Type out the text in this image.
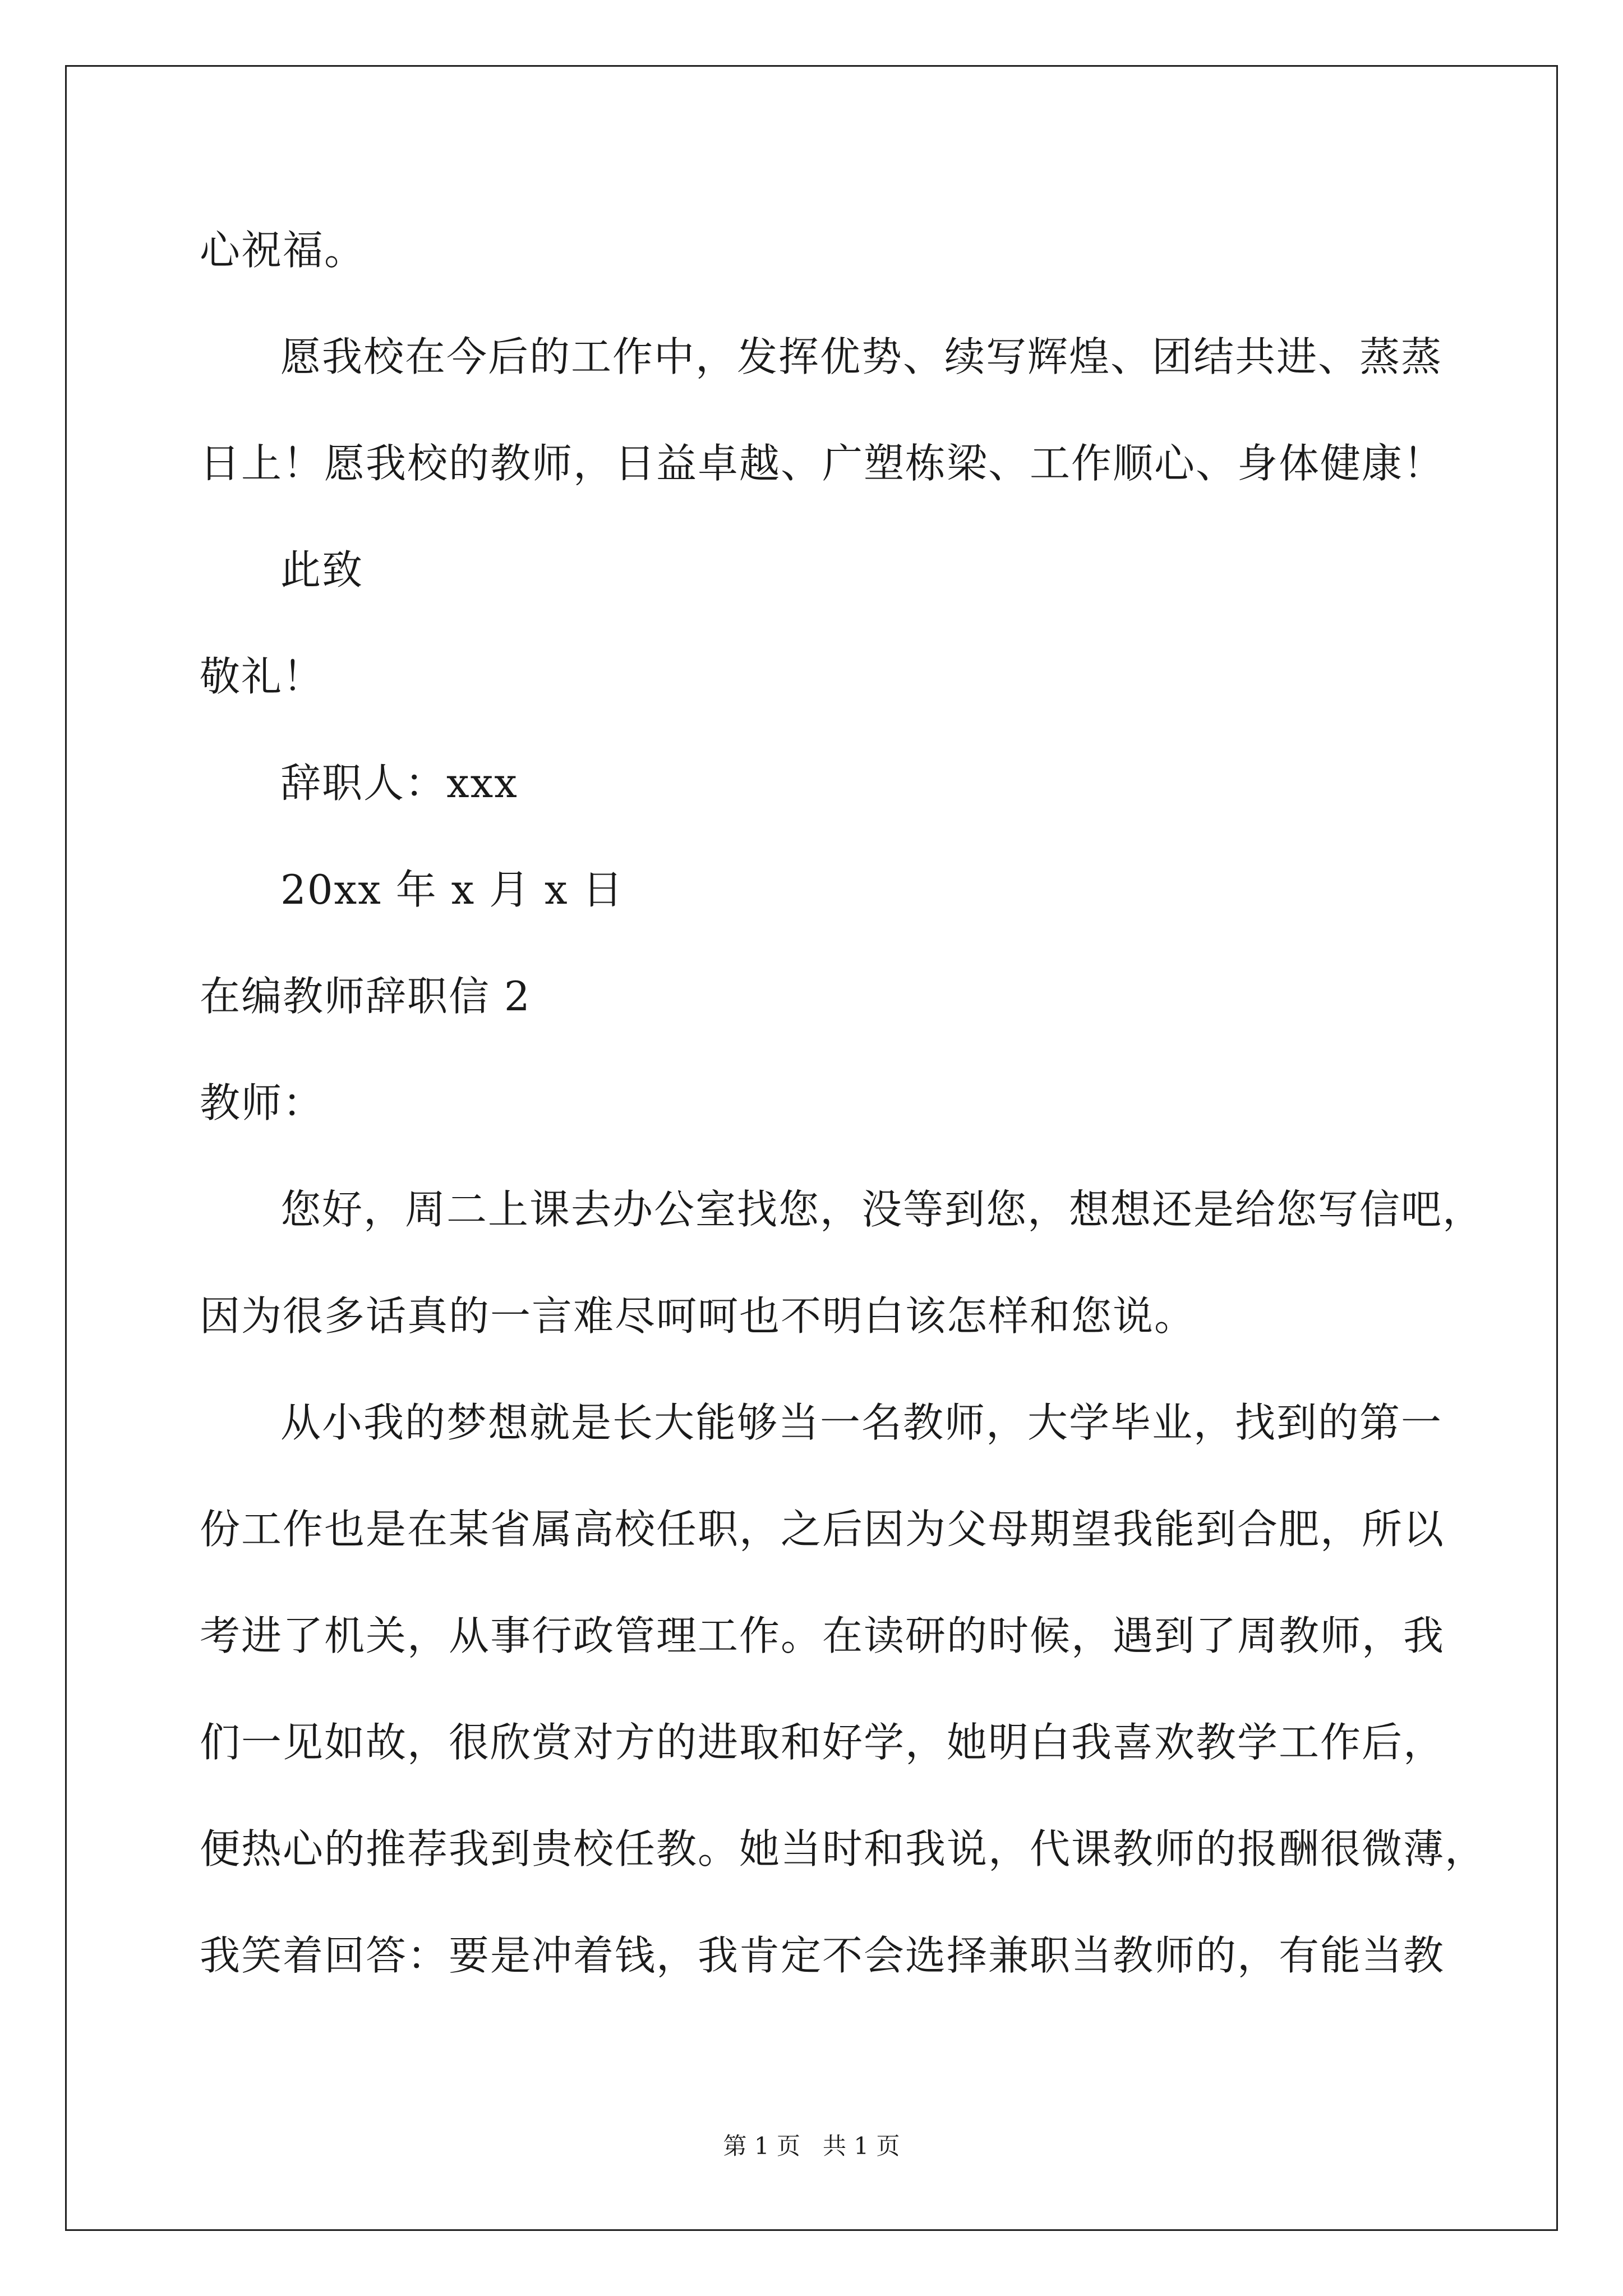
心祝福。
愿我校在今后的工作中，发挥优势、续写辉煌、团结共进、蒸蒸
日上！愿我校的教师，日益卓越、广塑栋梁、工作顺心、身体健康！
此致
敬礼！
辞职人：xxx
20xx 年 x 月 x 日
在编教师辞职信 2
教师：
您好，周二上课去办公室找您，没等到您，想想还是给您写信吧，
因为很多话真的一言难尽呵呵也不明白该怎样和您说。
从小我的梦想就是长大能够当一名教师，大学毕业，找到的第一
份工作也是在某省属高校任职，之后因为父母期望我能到合肥，所以
考进了机关，从事行政管理工作。在读研的时候，遇到了周教师，我
们一见如故，很欣赏对方的进取和好学，她明白我喜欢教学工作后，
便热心的推荐我到贵校任教。她当时和我说，代课教师的报酬很微薄，
我笑着回答：要是冲着钱，我肯定不会选择兼职当教师的，有能当教
第 1 页   共 1 页
